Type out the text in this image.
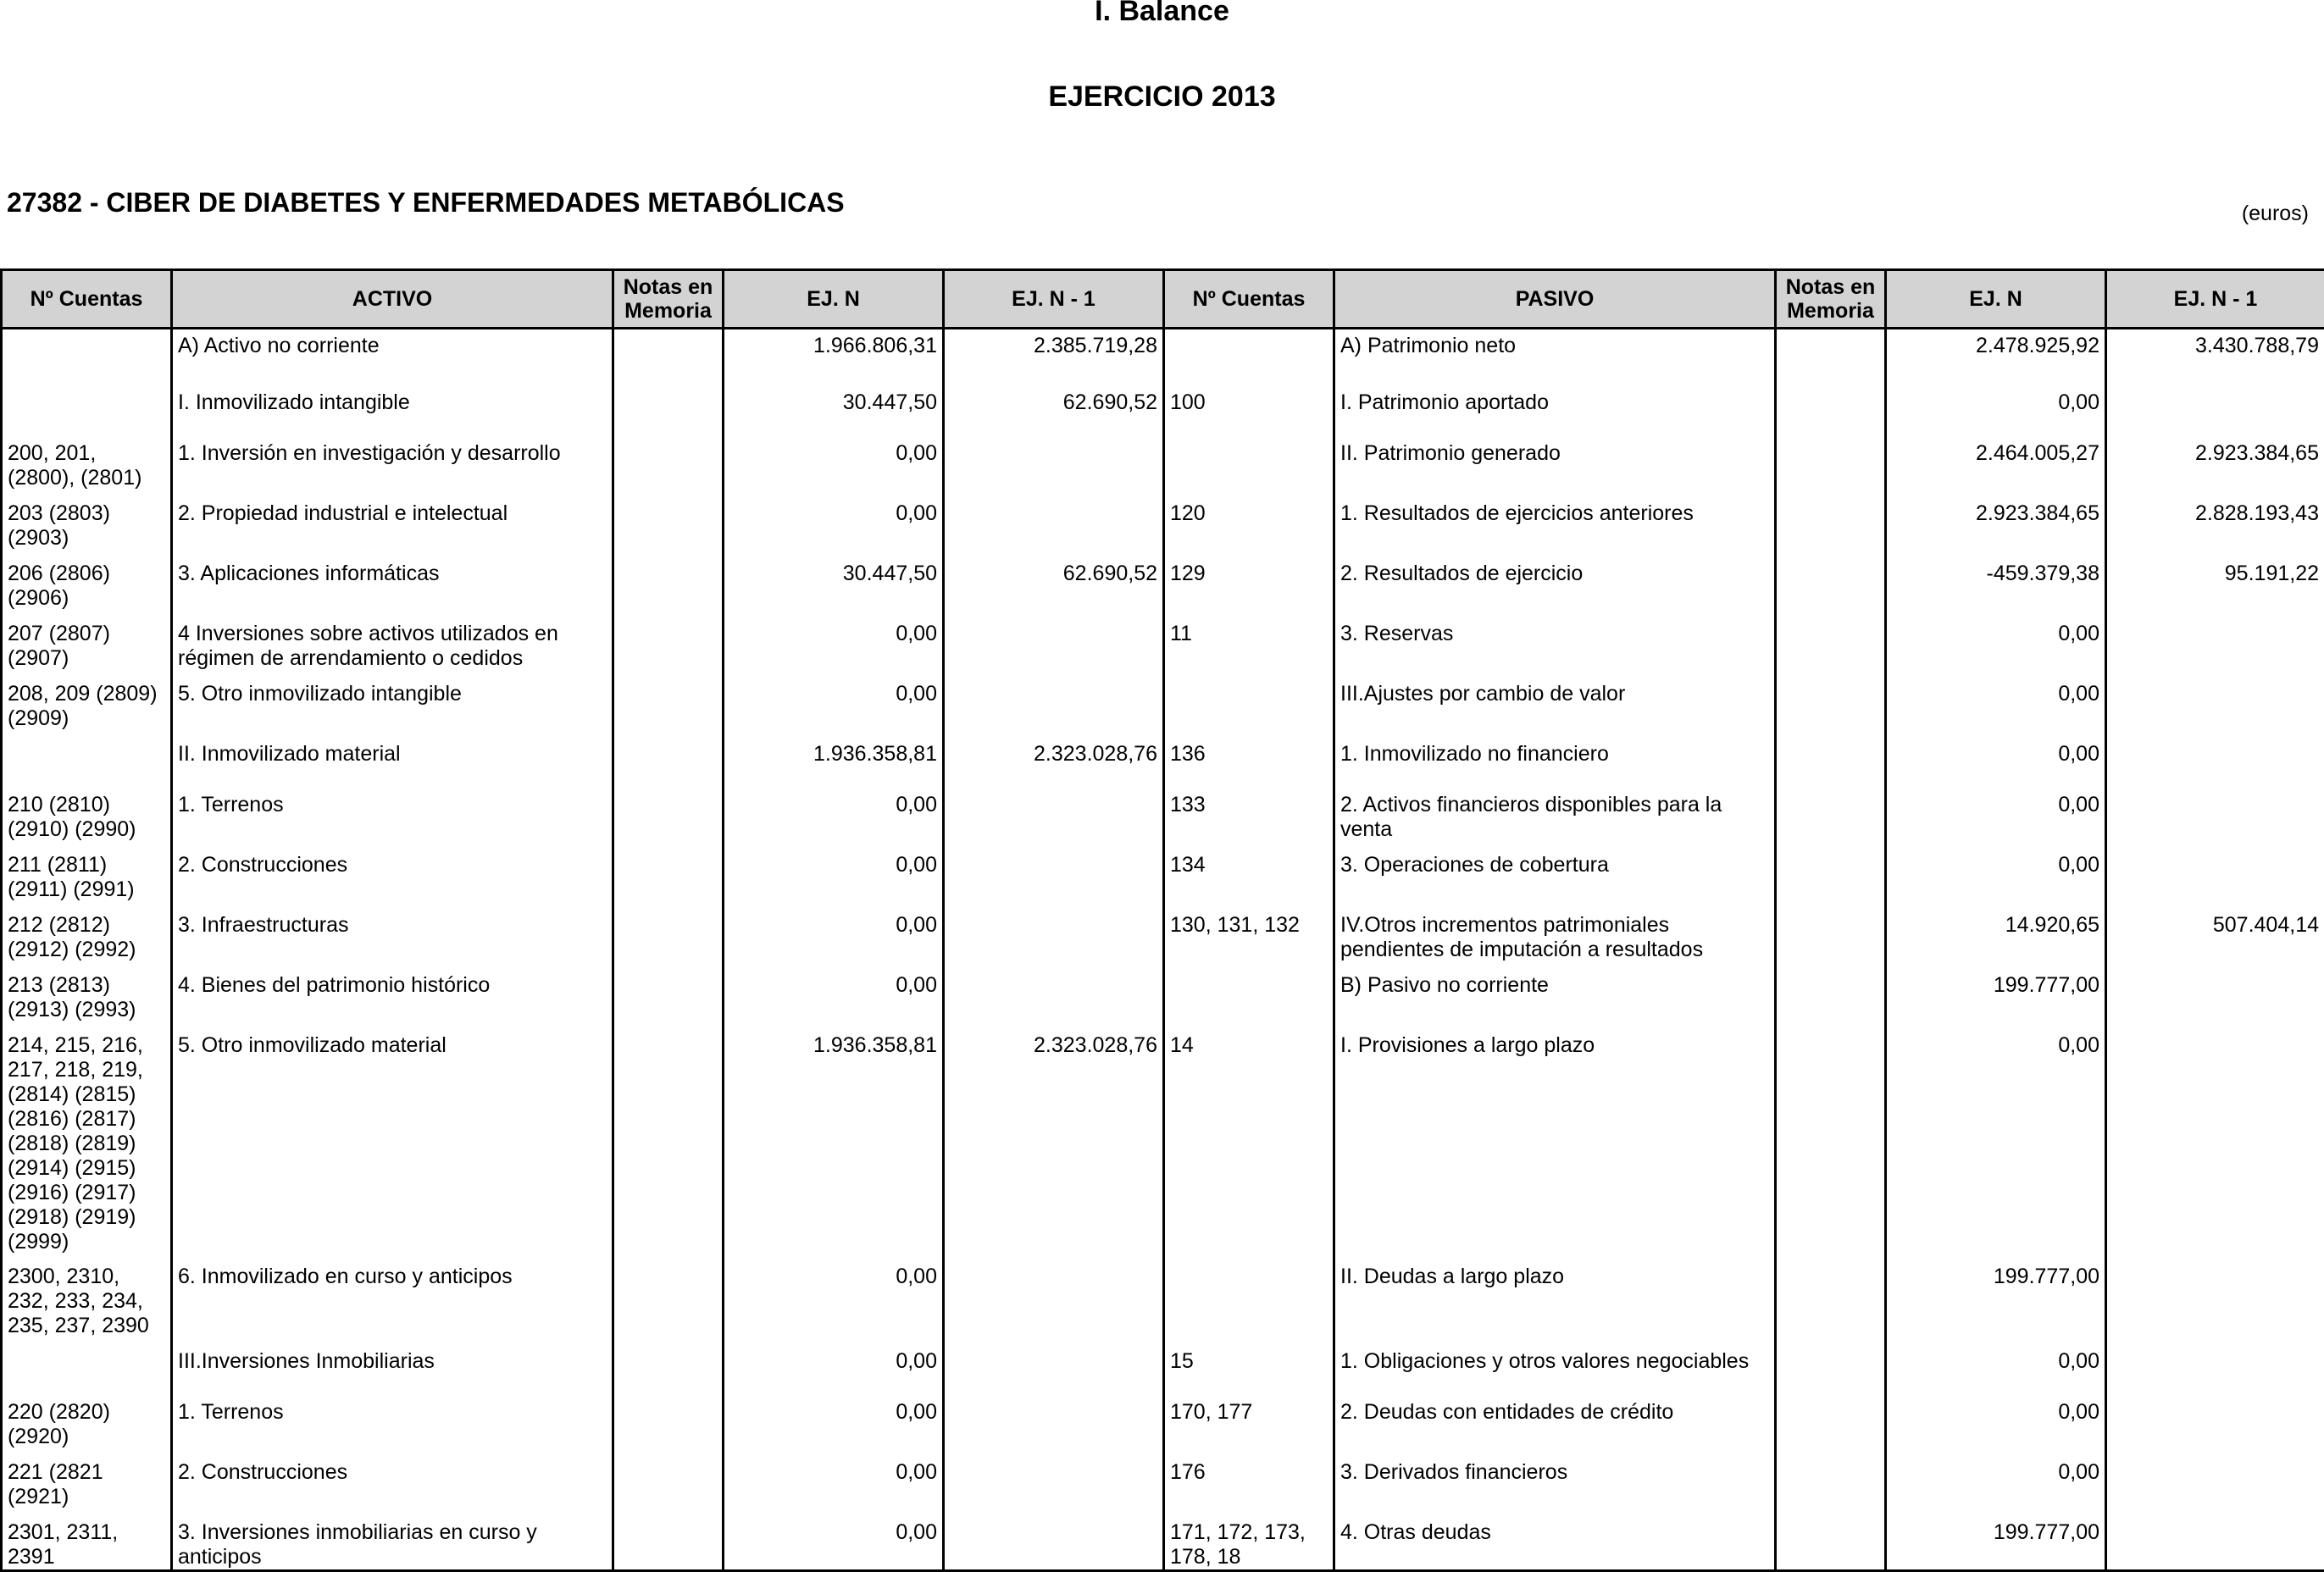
I. Balance
EJERCICIO 2013
27382 - CIBER DE DIABETES Y ENFERMEDADES METABÓLICAS	(euros)
Nº Cuentas	ACTIVO	Notas en Memoria	EJ. N	EJ. N - 1	Nº Cuentas	PASIVO	Notas en Memoria	EJ. N	EJ. N - 1
	A) Activo no corriente		1.966.806,31	2.385.719,28		A) Patrimonio neto		2.478.925,92	3.430.788,79
	I. Inmovilizado intangible		30.447,50	62.690,52	100	I. Patrimonio aportado		0,00	
200, 201, (2800), (2801)	1. Inversión en investigación y desarrollo		0,00			II. Patrimonio generado		2.464.005,27	2.923.384,65
203 (2803) (2903)	2. Propiedad industrial e intelectual		0,00		120	1. Resultados de ejercicios anteriores		2.923.384,65	2.828.193,43
206 (2806) (2906)	3. Aplicaciones informáticas		30.447,50	62.690,52	129	2. Resultados de ejercicio		-459.379,38	95.191,22
207 (2807) (2907)	4 Inversiones sobre activos utilizados en régimen de arrendamiento o cedidos		0,00		11	3. Reservas		0,00	
208, 209 (2809) (2909)	5. Otro inmovilizado intangible		0,00			III.Ajustes por cambio de valor		0,00	
	II. Inmovilizado material		1.936.358,81	2.323.028,76	136	1. Inmovilizado no financiero		0,00	
210 (2810) (2910) (2990)	1. Terrenos		0,00		133	2. Activos financieros disponibles para la venta		0,00	
211 (2811) (2911) (2991)	2. Construcciones		0,00		134	3. Operaciones de cobertura		0,00	
212 (2812) (2912) (2992)	3. Infraestructuras		0,00		130, 131, 132	IV.Otros incrementos patrimoniales pendientes de imputación a resultados		14.920,65	507.404,14
213 (2813) (2913) (2993)	4. Bienes del patrimonio histórico		0,00			B) Pasivo no corriente		199.777,00	
214, 215, 216, 217, 218, 219, (2814) (2815) (2816) (2817) (2818) (2819) (2914) (2915) (2916) (2917) (2918) (2919) (2999)	5. Otro inmovilizado material		1.936.358,81	2.323.028,76	14	I. Provisiones a largo plazo		0,00	
2300, 2310, 232, 233, 234, 235, 237, 2390	6. Inmovilizado en curso y anticipos		0,00			II. Deudas a largo plazo		199.777,00	
	III.Inversiones Inmobiliarias		0,00		15	1. Obligaciones y otros valores negociables		0,00	
220 (2820) (2920)	1. Terrenos		0,00		170, 177	2. Deudas con entidades de crédito		0,00	
221 (2821 (2921)	2. Construcciones		0,00		176	3. Derivados financieros		0,00	
2301, 2311, 2391	3. Inversiones inmobiliarias en curso y anticipos		0,00		171, 172, 173, 178, 18	4. Otras deudas		199.777,00	
